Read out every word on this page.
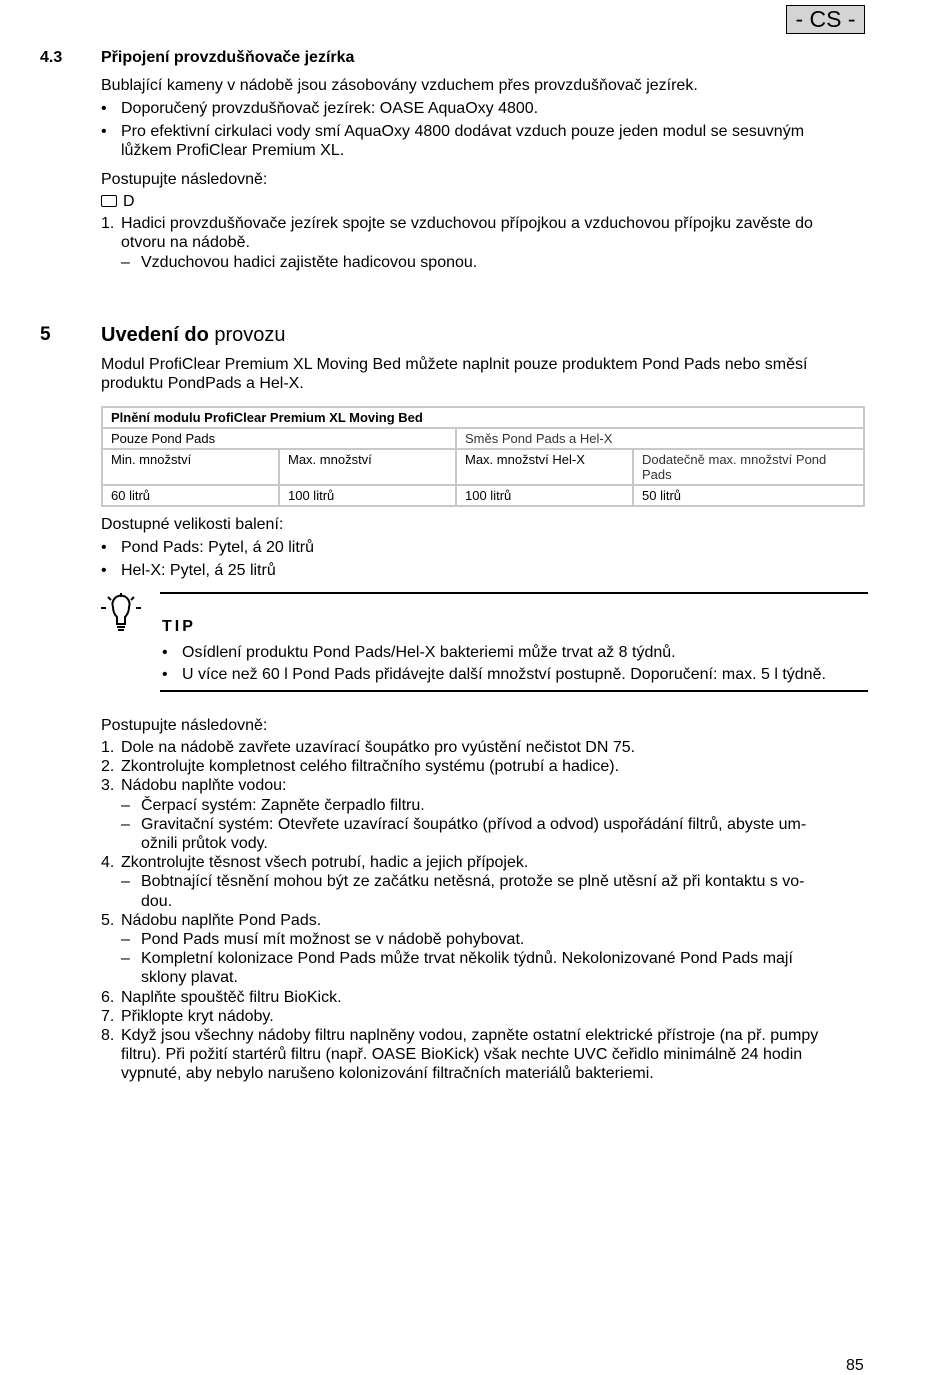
- CS -
4.3 Připojení provzdušňovače jezírka
Bublající kameny v nádobě jsou zásobovány vzduchem přes provzdušňovač jezírek.
• Doporučený provzdušňovač jezírek: OASE AquaOxy 4800.
• Pro efektivní cirkulaci vody smí AquaOxy 4800 dodávat vzduch pouze jeden modul se sesuvným
lůžkem ProfiClear Premium XL.
Postupujte následovně:
D
1. Hadici provzdušňovače jezírek spojte se vzduchovou přípojkou a vzduchovou přípojku zavěste do
otvoru na nádobě.
– Vzduchovou hadici zajistěte hadicovou sponou.
5	Uvedení do provozu
Modul ProfiClear Premium XL Moving Bed můžete naplnit pouze produktem Pond Pads nebo směsí
produktu PondPads a Hel-X.
Plnění modulu ProfiClear Premium XL Moving Bed			
Pouze Pond Pads		Směs Pond Pads a Hel-X	
Min. množství	Max. množství	Max. množství Hel-X	Dodatečně max. množství Pond Pads
60 litrů	100 litrů	100 litrů	50 litrů
Dostupné velikosti balení:
• Pond Pads: Pytel, á 20 litrů
• Hel-X: Pytel, á 25 litrů
TIP
• Osídlení produktu Pond Pads/Hel-X bakteriemi může trvat až 8 týdnů.
• U více než 60 l Pond Pads přidávejte další množství postupně. Doporučení: max. 5 l týdně.
Postupujte následovně:
1. Dole na nádobě zavřete uzavírací šoupátko pro vyústění nečistot DN 75.
2. Zkontrolujte kompletnost celého filtračního systému (potrubí a hadice).
3. Nádobu naplňte vodou:
– Čerpací systém: Zapněte čerpadlo filtru.
– Gravitační systém: Otevřete uzavírací šoupátko (přívod a odvod) uspořádání filtrů, abyste um-
ožnili průtok vody.
4. Zkontrolujte těsnost všech potrubí, hadic a jejich přípojek.
– Bobtnající těsnění mohou být ze začátku netěsná, protože se plně utěsní až při kontaktu s vo-
dou.
5. Nádobu naplňte Pond Pads.
– Pond Pads musí mít možnost se v nádobě pohybovat.
– Kompletní kolonizace Pond Pads může trvat několik týdnů. Nekolonizované Pond Pads mají
sklony plavat.
6. Naplňte spouštěč filtru BioKick.
7. Přiklopte kryt nádoby.
8. Když jsou všechny nádoby filtru naplněny vodou, zapněte ostatní elektrické přístroje (na př. pumpy
filtru). Při požití startérů filtru (např. OASE BioKick) však nechte UVC čeřidlo minimálně 24 hodin
vypnuté, aby nebylo narušeno kolonizování filtračních materiálů bakteriemi.
85
